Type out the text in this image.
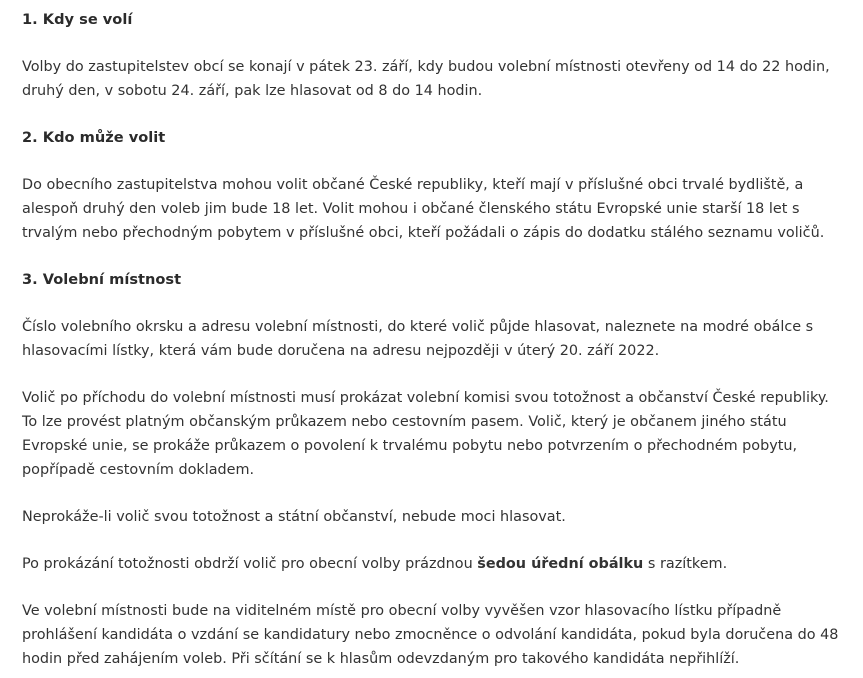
1. Kdy se volí

Volby do zastupitelstev obcí se konají v pátek 23. září, kdy budou volební místnosti otevřeny od 14 do 22 hodin, druhý den, v sobotu 24. září, pak lze hlasovat od 8 do 14 hodin.

2. Kdo může volit

Do obecního zastupitelstva mohou volit občané České republiky, kteří mají v příslušné obci trvalé bydliště, a alespoň druhý den voleb jim bude 18 let. Volit mohou i občané členského státu Evropské unie starší 18 let s trvalým nebo přechodným pobytem v příslušné obci, kteří požádali o zápis do dodatku stálého seznamu voličů.

3. Volební místnost

Číslo volebního okrsku a adresu volební místnosti, do které volič půjde hlasovat, naleznete na modré obálce s hlasovacími lístky, která vám bude doručena na adresu nejpozději v úterý 20. září 2022.

Volič po příchodu do volební místnosti musí prokázat volební komisi svou totožnost a občanství České republiky. To lze provést platným občanským průkazem nebo cestovním pasem. Volič, který je občanem jiného státu Evropské unie, se prokáže průkazem o povolení k trvalému pobytu nebo potvrzením o přechodném pobytu, popřípadě cestovním dokladem.

Neprokáže-li volič svou totožnost a státní občanství, nebude moci hlasovat.

Po prokázání totožnosti obdrží volič pro obecní volby prázdnou šedou úřední obálku s razítkem.

Ve volební místnosti bude na viditelném místě pro obecní volby vyvěšen vzor hlasovacího lístku případně prohlášení kandidáta o vzdání se kandidatury nebo zmocněnce o odvolání kandidáta, pokud byla doručena do 48 hodin před zahájením voleb. Při sčítání se k hlasům odevzdaným pro takového kandidáta nepřihlíží.
